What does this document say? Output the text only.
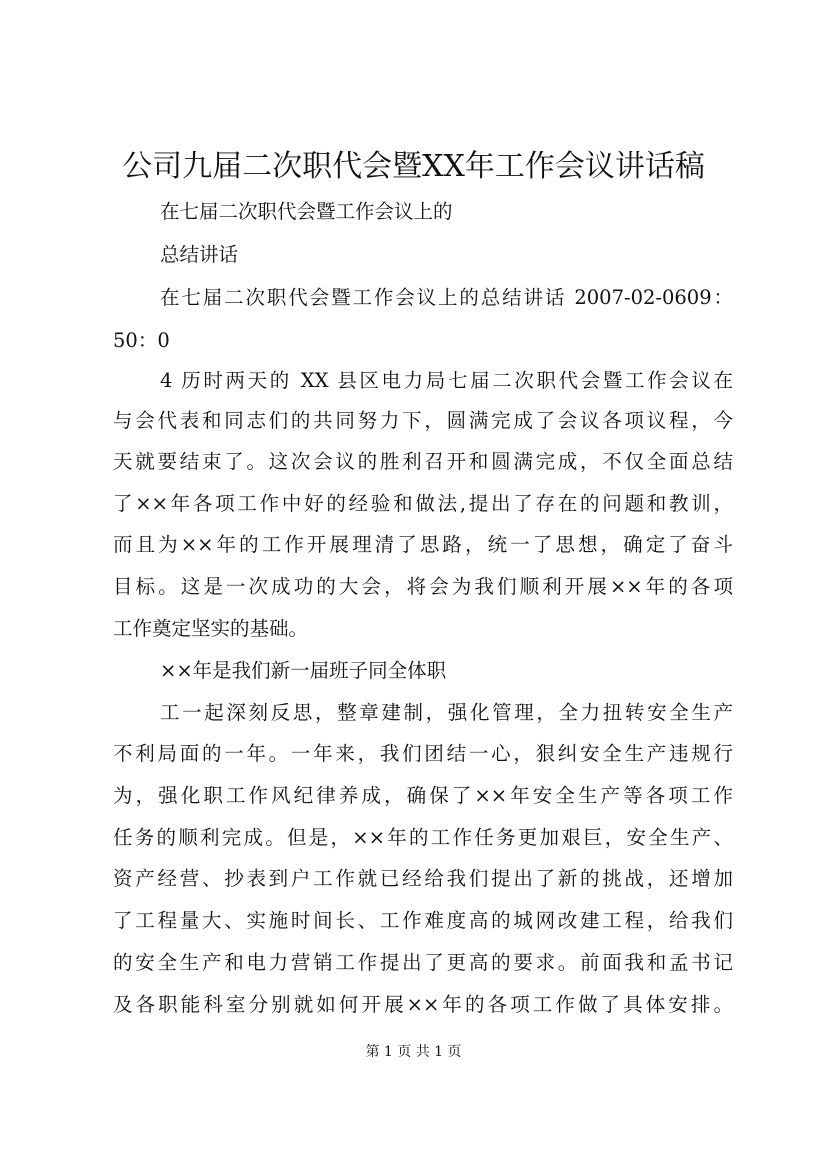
公司九届二次职代会暨XX年工作会议讲话稿

在七届二次职代会暨工作会议上的

总结讲话

在七届二次职代会暨工作会议上的总结讲话 2007-02-0609：

50：0

4 历时两天的 XX 县区电力局七届二次职代会暨工作会议在

与会代表和同志们的共同努力下，圆满完成了会议各项议程，今

天就要结束了。这次会议的胜利召开和圆满完成，不仅全面总结

了××年各项工作中好的经验和做法,提出了存在的问题和教训，

而且为××年的工作开展理清了思路，统一了思想，确定了奋斗

目标。这是一次成功的大会，将会为我们顺利开展××年的各项

工作奠定坚实的基础。

××年是我们新一届班子同全体职

工一起深刻反思，整章建制，强化管理，全力扭转安全生产

不利局面的一年。一年来，我们团结一心，狠纠安全生产违规行

为，强化职工作风纪律养成，确保了××年安全生产等各项工作

任务的顺利完成。但是，××年的工作任务更加艰巨，安全生产、

资产经营、抄表到户工作就已经给我们提出了新的挑战，还增加

了工程量大、实施时间长、工作难度高的城网改建工程，给我们

的安全生产和电力营销工作提出了更高的要求。前面我和孟书记

及各职能科室分别就如何开展××年的各项工作做了具体安排。

第 1 页 共 1 页
